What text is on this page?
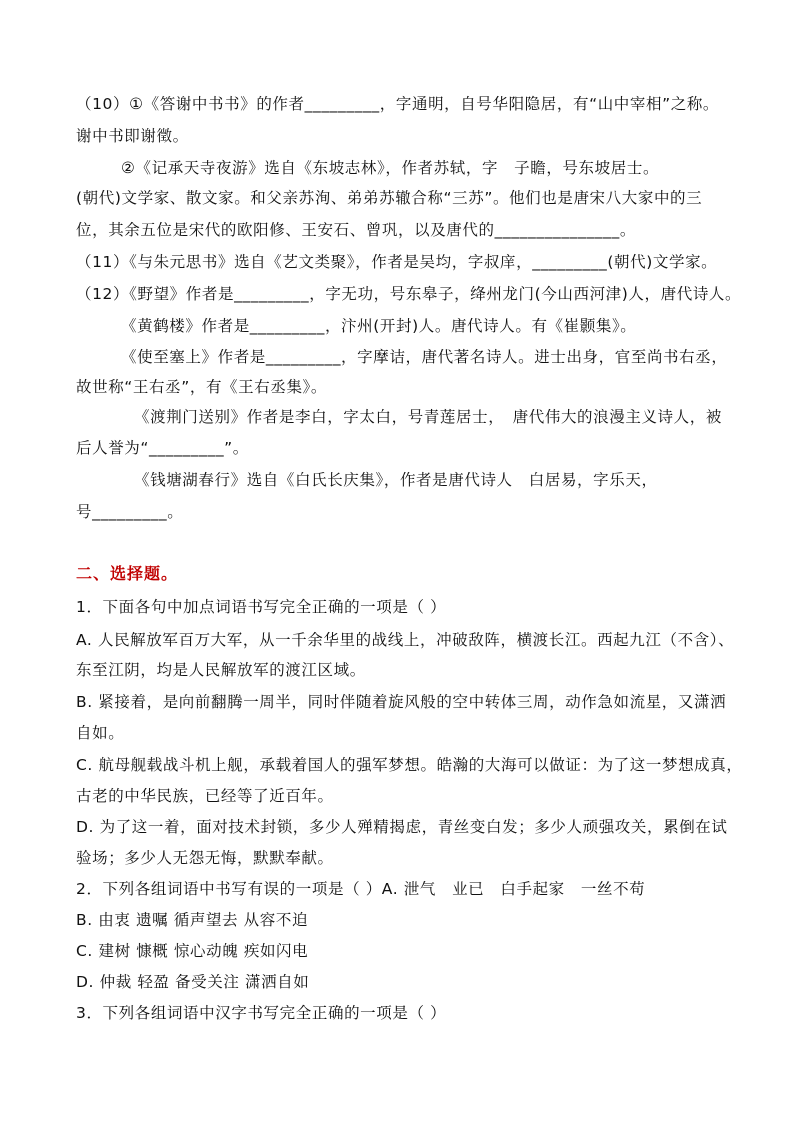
（10）①《答谢中书书》的作者_________，字通明，自号华阳隐居，有“山中宰相”之称。
谢中书即谢徵。
②《记承天寺夜游》选自《东坡志林》，作者苏轼，字　子瞻，号东坡居士。
(朝代)文学家、散文家。和父亲苏洵、弟弟苏辙合称“三苏”。他们也是唐宋八大家中的三
位，其余五位是宋代的欧阳修、王安石、曾巩，以及唐代的_______________。
（11）《与朱元思书》选自《艺文类聚》，作者是吴均，字叔庠，_________(朝代)文学家。
（12）《野望》作者是_________，字无功，号东皋子，绛州龙门(今山西河津)人，唐代诗人。
《黄鹤楼》作者是_________，汴州(开封)人。唐代诗人。有《崔颢集》。
《使至塞上》作者是_________，字摩诘，唐代著名诗人。进士出身，官至尚书右丞，
故世称“王右丞”，有《王右丞集》。
《渡荆门送别》作者是李白，字太白，号青莲居士，　唐代伟大的浪漫主义诗人，被
后人誉为“_________”。
《钱塘湖春行》选自《白氏长庆集》，作者是唐代诗人　白居易，字乐天，
号_________。
二、选择题。
1．下面各句中加点词语书写完全正确的一项是（ ）
A. 人民解放军百万大军，从一千余华里的战线上，冲破敌阵，横渡长江。西起九江（不含）、
东至江阴，均是人民解放军的渡江区域。
B. 紧接着，是向前翻腾一周半，同时伴随着旋风般的空中转体三周，动作急如流星，又潇洒
自如。
C. 航母舰载战斗机上舰，承载着国人的强军梦想。皓瀚的大海可以做证：为了这一梦想成真，
古老的中华民族，已经等了近百年。
D. 为了这一着，面对技术封锁，多少人殚精揭虑，青丝变白发；多少人顽强攻关，累倒在试
验场；多少人无怨无悔，默默奉献。
2．下列各组词语中书写有误的一项是（ ）A. 泄气　业已　白手起家　一丝不苟
B. 由衷 遗嘱 循声望去 从容不迫
C. 建树 慷概 惊心动魄 疾如闪电
D. 仲裁 轻盈 备受关注 潇洒自如
3．下列各组词语中汉字书写完全正确的一项是（ ）
